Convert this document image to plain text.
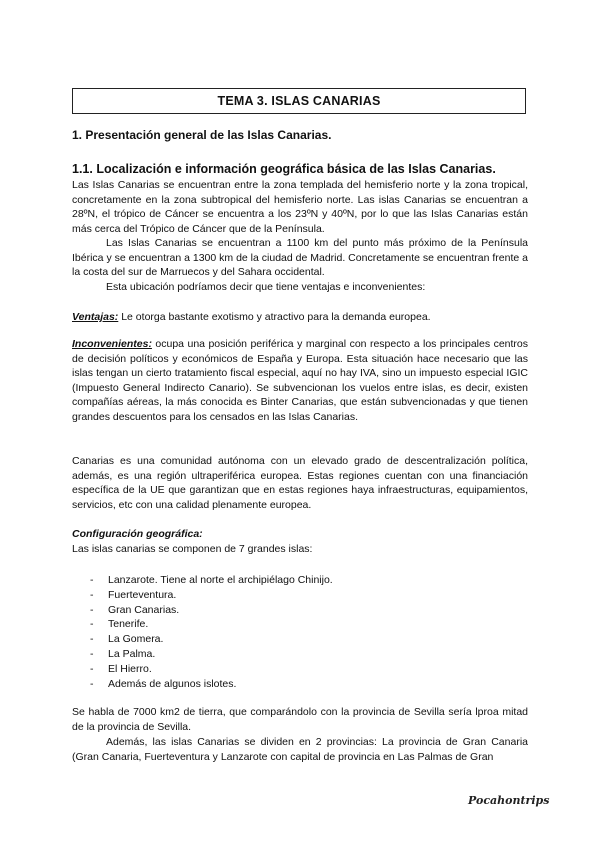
TEMA 3. ISLAS CANARIAS
1. Presentación general de las Islas Canarias.
1.1. Localización e información geográfica básica de las Islas Canarias.
Las Islas Canarias se encuentran entre la zona templada del hemisferio norte y la zona tropical, concretamente en la zona subtropical del hemisferio norte. Las islas Canarias se encuentran a 28ºN, el trópico de Cáncer se encuentra a los 23ºN y 40ºN, por lo que las Islas Canarias están más cerca del Trópico de Cáncer que de la Península.
Las Islas Canarias se encuentran a 1100 km del punto más próximo de la Península Ibérica y se encuentran a 1300 km de la ciudad de Madrid. Concretamente se encuentran frente a la costa del sur de Marruecos y del Sahara occidental.
Esta ubicación podríamos decir que tiene ventajas e inconvenientes:
Ventajas: Le otorga bastante exotismo y atractivo para la demanda europea.
Inconvenientes: ocupa una posición periférica y marginal con respecto a los principales centros de decisión políticos y económicos de España y Europa. Esta situación hace necesario que las islas tengan un cierto tratamiento fiscal especial, aquí no hay IVA, sino un impuesto especial IGIC (Impuesto General Indirecto Canario). Se subvencionan los vuelos entre islas, es decir, existen compañías aéreas, la más conocida es Binter Canarias, que están subvencionadas y que tienen grandes descuentos para los censados en las Islas Canarias.
Canarias es una comunidad autónoma con un elevado grado de descentralización política, además, es una región ultraperiférica europea. Estas regiones cuentan con una financiación específica de la UE que garantizan que en estas regiones haya infraestructuras, equipamientos, servicios, etc con una calidad plenamente europea.
Configuración geográfica:
Las islas canarias se componen de 7 grandes islas:
-	Lanzarote. Tiene al norte el archipiélago Chinijo.
-	Fuerteventura.
-	Gran Canarias.
-	Tenerife.
-	La Gomera.
-	La Palma.
-	El Hierro.
-	Además de algunos islotes.
Se habla de 7000 km2 de tierra, que comparándolo con la provincia de Sevilla sería lproa mitad de la provincia de Sevilla.
Además, las islas Canarias se dividen en 2 provincias: La provincia de Gran Canaria (Gran Canaria, Fuerteventura y Lanzarote con capital de provincia en Las Palmas de Gran
Pocahontrips
